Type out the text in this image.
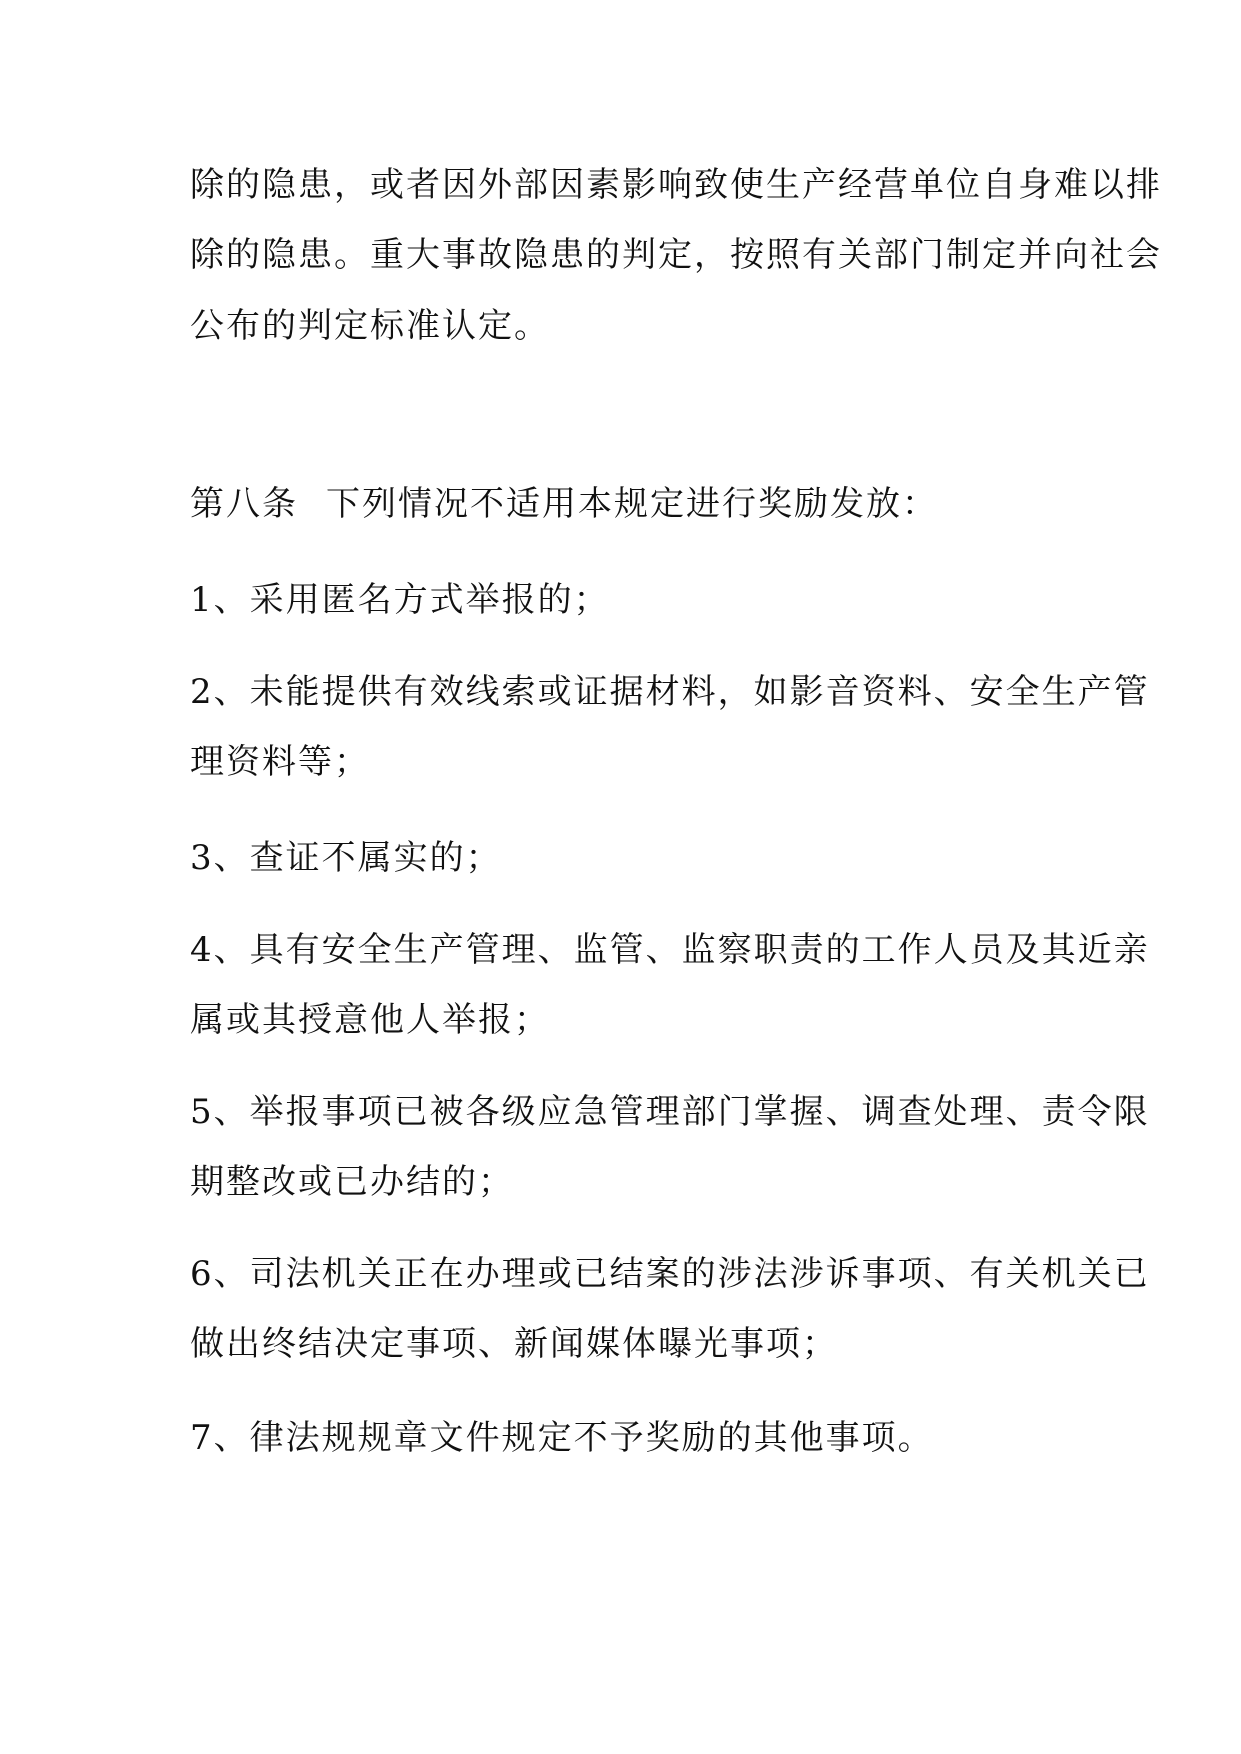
除的隐患，或者因外部因素影响致使生产经营单位自身难以排
除的隐患。重大事故隐患的判定，按照有关部门制定并向社会
公布的判定标准认定。
第八条 下列情况不适用本规定进行奖励发放：
1、采用匿名方式举报的；
2、未能提供有效线索或证据材料，如影音资料、安全生产管
理资料等；
3、查证不属实的；
4、具有安全生产管理、监管、监察职责的工作人员及其近亲
属或其授意他人举报；
5、举报事项已被各级应急管理部门掌握、调查处理、责令限
期整改或已办结的；
6、司法机关正在办理或已结案的涉法涉诉事项、有关机关已
做出终结决定事项、新闻媒体曝光事项；
7、律法规规章文件规定不予奖励的其他事项。
